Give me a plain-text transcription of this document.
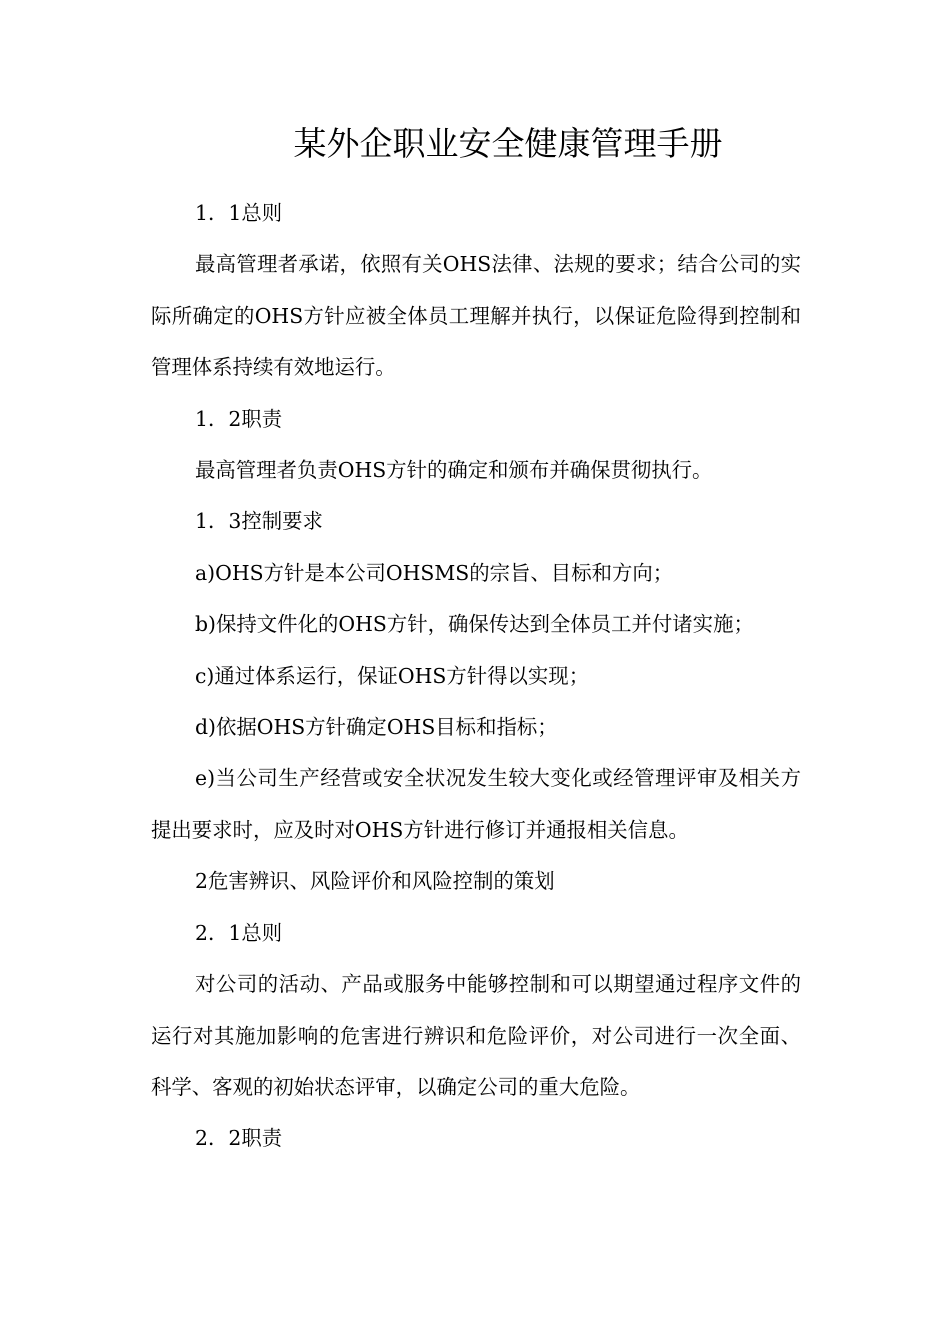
某外企职业安全健康管理手册

1．1总则

最高管理者承诺，依照有关OHS法律、法规的要求；结合公司的实际所确定的OHS方针应被全体员工理解并执行，以保证危险得到控制和管理体系持续有效地运行。

1．2职责

最高管理者负责OHS方针的确定和颁布并确保贯彻执行。

1．3控制要求

a)OHS方针是本公司OHSMS的宗旨、目标和方向；

b)保持文件化的OHS方针，确保传达到全体员工并付诸实施；

c)通过体系运行，保证OHS方针得以实现；

d)依据OHS方针确定OHS目标和指标；

e)当公司生产经营或安全状况发生较大变化或经管理评审及相关方提出要求时，应及时对OHS方针进行修订并通报相关信息。

2危害辨识、风险评价和风险控制的策划

2．1总则

对公司的活动、产品或服务中能够控制和可以期望通过程序文件的运行对其施加影响的危害进行辨识和危险评价，对公司进行一次全面、科学、客观的初始状态评审，以确定公司的重大危险。

2．2职责
